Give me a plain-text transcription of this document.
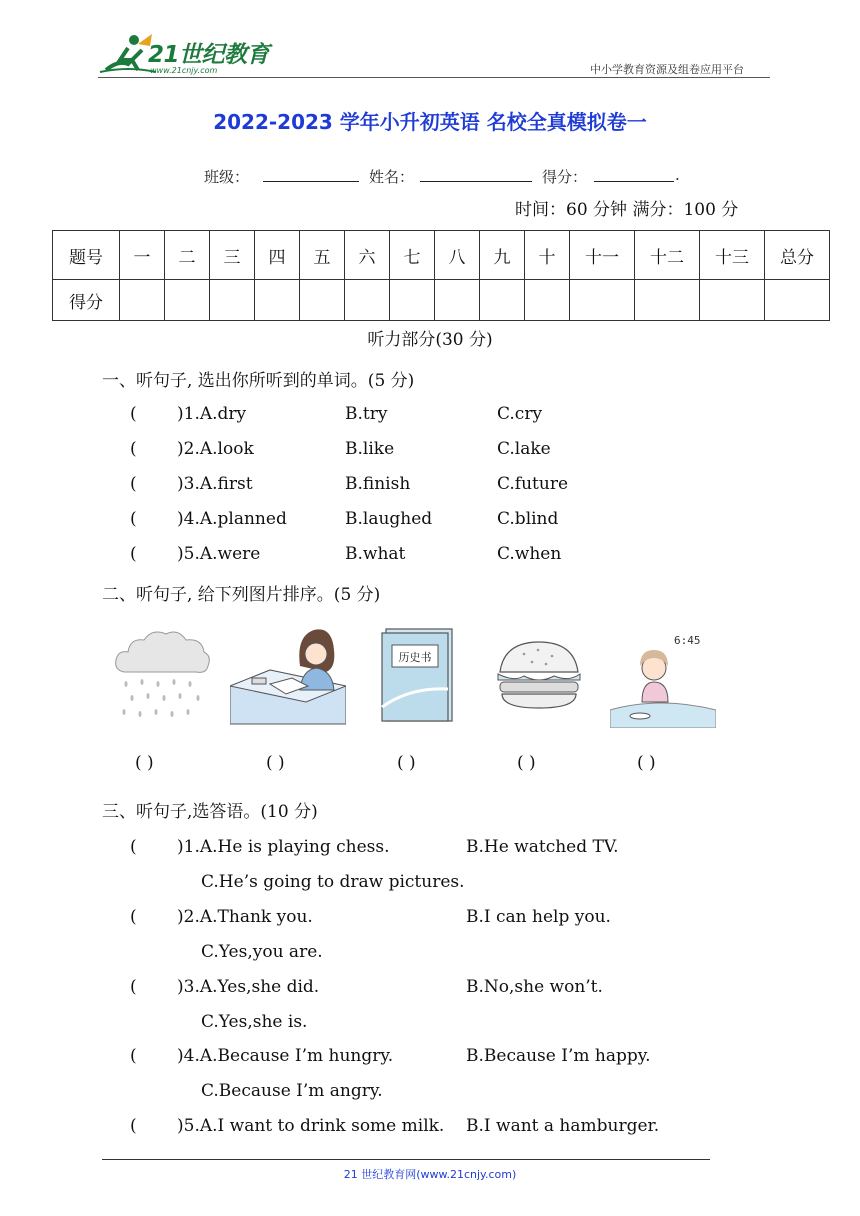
21世纪教育
www.21cnjy.com	中小学教育资源及组卷应用平台
2022-2023 学年小升初英语 名校全真模拟卷一
班级：	姓名：	得分：	.
时间：60 分钟 满分：100 分
题号	一	二	三	四	五	六	七	八	九	十	十一	十二	十三	总分
得分														
听力部分(30 分)
一、听句子, 选出你所听到的单词。(5 分)
( )1.A.dry	B.try	C.cry
( )2.A.look	B.like	C.lake
( )3.A.first	B.finish	C.future
( )4.A.planned	B.laughed	C.blind
( )5.A.were	B.what	C.when
二、听句子, 给下列图片排序。(5 分)
历史书
6:45
( )	( )	( )	( )	( )
三、听句子,选答语。(10 分)
( )1.A.He is playing chess.	B.He watched TV.
C.He’s going to draw pictures.
( )2.A.Thank you.	B.I can help you.
C.Yes,you are.
( )3.A.Yes,she did.	B.No,she won’t.
C.Yes,she is.
( )4.A.Because I’m hungry.	B.Because I’m happy.
C.Because I’m angry.
( )5.A.I want to drink some milk. B.I want a hamburger.
21 世纪教育网(www.21cnjy.com)
